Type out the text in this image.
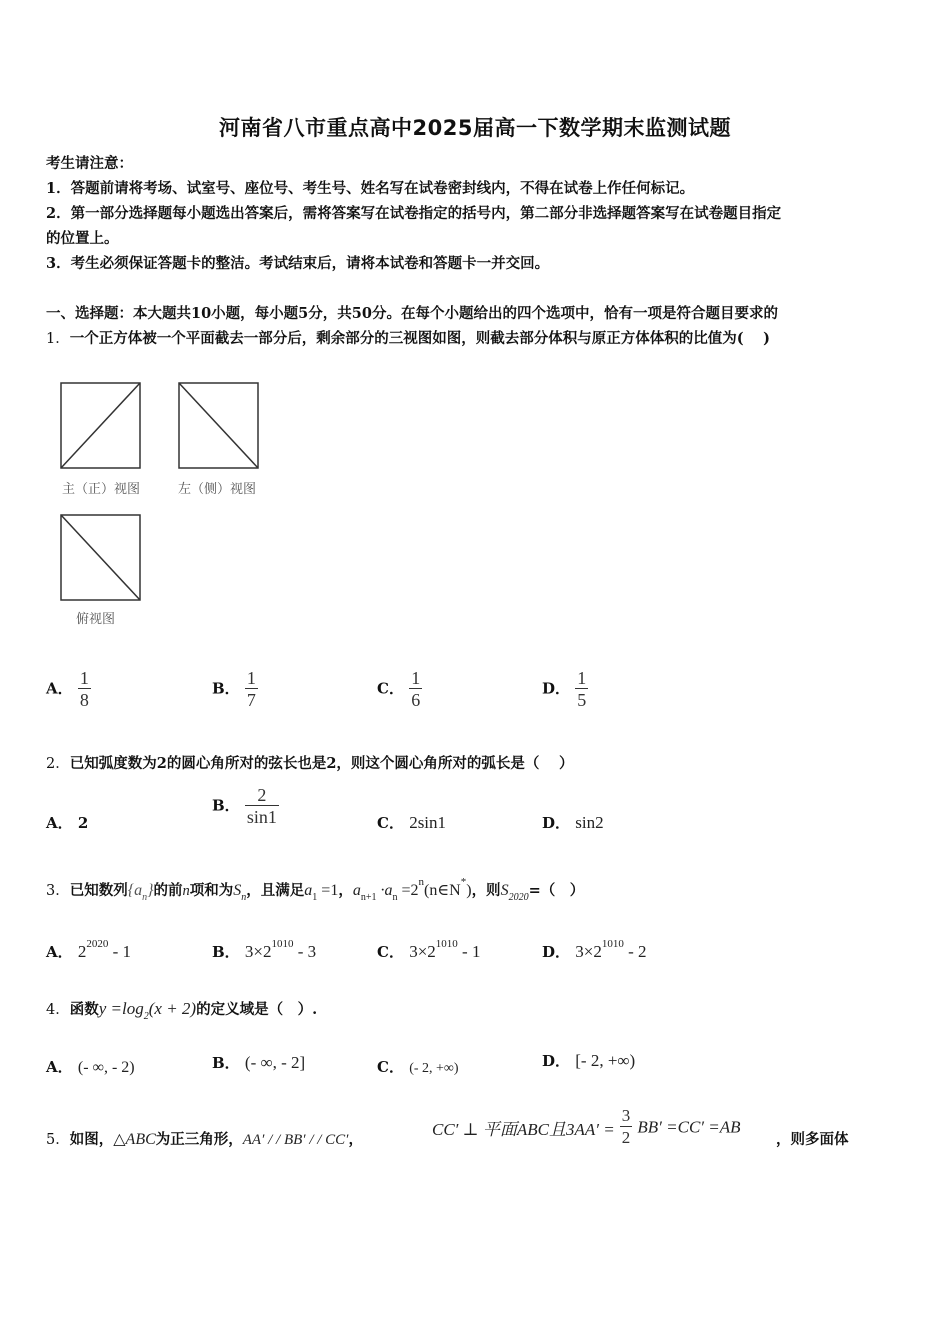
河南省八市重点高中2025届高一下数学期末监测试题
考生请注意：
1．答题前请将考场、试室号、座位号、考生号、姓名写在试卷密封线内，不得在试卷上作任何标记。
2．第一部分选择题每小题选出答案后，需将答案写在试卷指定的括号内，第二部分非选择题答案写在试卷题目指定
的位置上。
3．考生必须保证答题卡的整洁。考试结束后，请将本试卷和答题卡一并交回。
一、选择题：本大题共10小题，每小题5分，共50分。在每个小题给出的四个选项中，恰有一项是符合题目要求的
1．一个正方体被一个平面截去一部分后，剩余部分的三视图如图，则截去部分体积与原正方体体积的比值为(　 )
主（正）视图	左（侧）视图
俯视图
A． $\frac{1}{8}$	B． $\frac{1}{7}$	C． $\frac{1}{6}$	D． $\frac{1}{5}$
2．已知弧度数为2的圆心角所对的弦长也是2，则这个圆心角所对的弧长是（　 ）
A． 2
B． $\frac{2}{\sin 1}$	C． 2sin1	D． sin2
3．已知数列$\{a_n\}$的前n项和为$S_n$，且满足$a_1 =1$，$a_{n+1} \cdot a_n$ $=2^n(n\in N^*)$，则$S_{2020}=$（　）
A． $2^{2020} - 1$	B． $3\times 2^{1010} - 3$	C． $3\times 2^{1010} - 1$	D． $3\times 2^{1010} - 2$
4．函数$y =\log_2(x + 2)$的定义域是（　）.
A． (- ∞, - 2)	B． (- ∞, - 2]	C． (- 2, +∞)	D． [- 2, +∞)
5．如图，△ABC为正三角形，AA′ / / BB′ / / CC′，
CC′ ⊥ 平面ABC且$3AA' = \frac{3}{2} BB' =CC' =AB$
，则多面体
